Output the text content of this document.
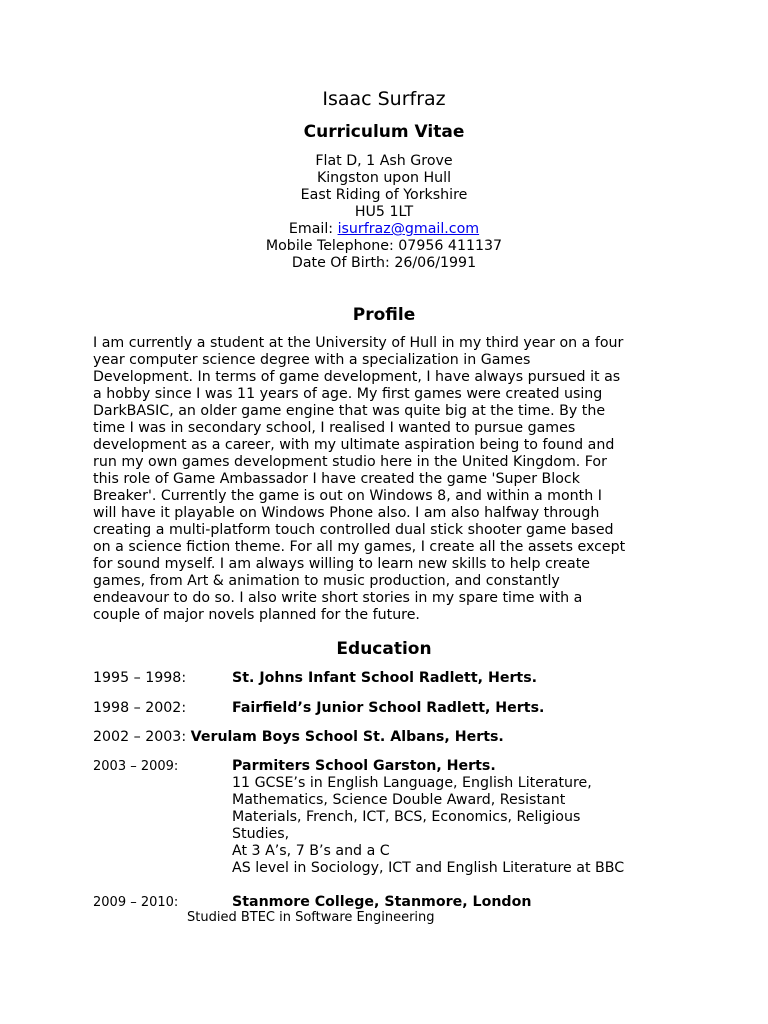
Isaac Surfraz
Curriculum Vitae
Flat D, 1 Ash Grove
Kingston upon Hull
East Riding of Yorkshire
HU5 1LT
Email: isurfraz@gmail.com
Mobile Telephone: 07956 411137
Date Of Birth: 26/06/1991
Profile

I am currently a student at the University of Hull in my third year on a four
year computer science degree with a specialization in Games
Development. In terms of game development, I have always pursued it as
a hobby since I was 11 years of age. My first games were created using
DarkBASIC, an older game engine that was quite big at the time. By the
time I was in secondary school, I realised I wanted to pursue games
development as a career, with my ultimate aspiration being to found and
run my own games development studio here in the United Kingdom. For
this role of Game Ambassador I have created the game 'Super Block
Breaker'. Currently the game is out on Windows 8, and within a month I
will have it playable on Windows Phone also. I am also halfway through
creating a multi-platform touch controlled dual stick shooter game based
on a science fiction theme. For all my games, I create all the assets except
for sound myself. I am always willing to learn new skills to help create
games, from Art & animation to music production, and constantly
endeavour to do so. I also write short stories in my spare time with a
couple of major novels planned for the future.

Education
1995 – 1998:	St. Johns Infant School Radlett, Herts.
1998 – 2002:	Fairfield’s Junior School Radlett, Herts.
2002 – 2003: Verulam Boys School St. Albans, Herts.
2003 – 2009:	Parmiters School Garston, Herts.
11 GCSE’s in English Language, English Literature,
Mathematics, Science Double Award, Resistant
Materials, French, ICT, BCS, Economics, Religious
Studies,
At 3 A’s, 7 B’s and a C
AS level in Sociology, ICT and English Literature at BBC
2009 – 2010:	Stanmore College, Stanmore, London
Studied BTEC in Software Engineering
